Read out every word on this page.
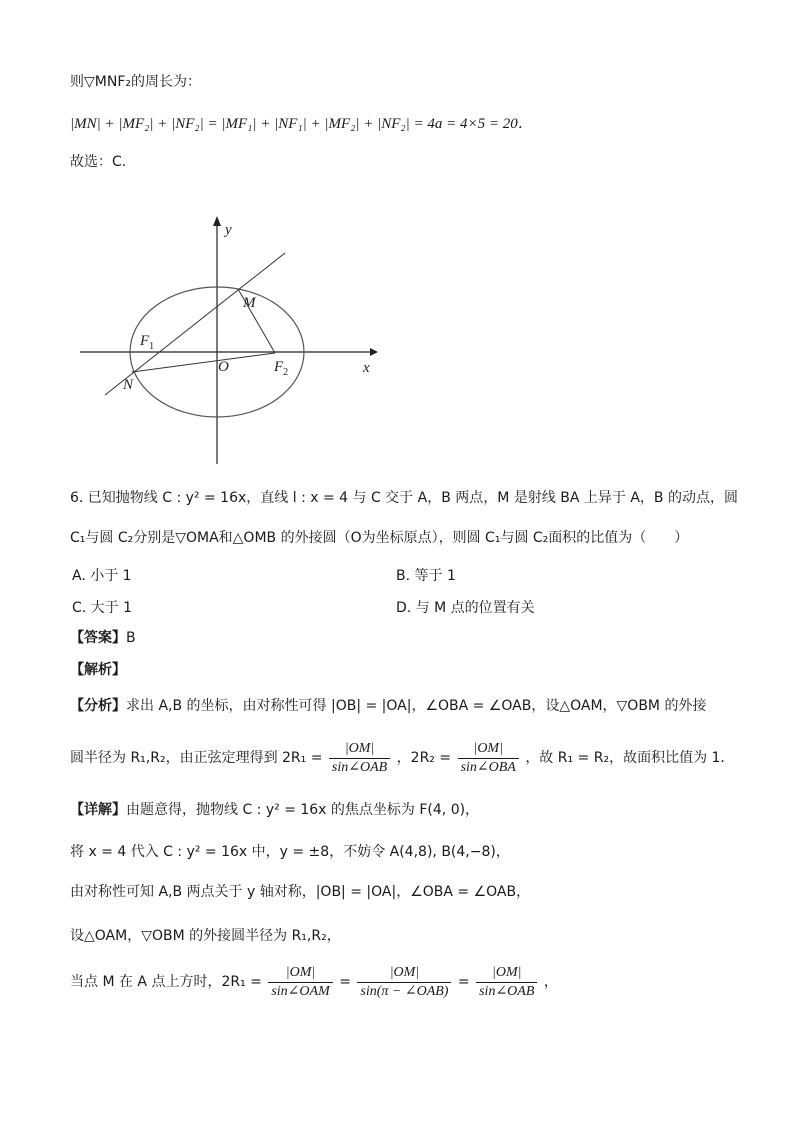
则▽MNF₂的周长为：
|MN| + |MF₂| + |NF₂| = |MF₁| + |NF₁| + |MF₂| + |NF₂| = 4a = 4×5 = 20．
故选：C.
y
x
O
M
N
$F_1$
$F_2$
6. 已知抛物线 C : y² = 16x，直线 l : x = 4 与 C 交于 A，B 两点，M 是射线 BA 上异于 A，B 的动点，圆
C₁与圆 C₂分别是▽OMA和△OMB 的外接圆（O为坐标原点），则圆 C₁与圆 C₂面积的比值为（　　）
A. 小于 1	B. 等于 1
C. 大于 1	D. 与 M 点的位置有关
【答案】B
【解析】
【分析】求出 A,B 的坐标，由对称性可得 |OB| = |OA|，∠OBA = ∠OAB，设△OAM，▽OBM 的外接
圆半径为 R₁,R₂，由正弦定理得到 $2R_1 = \frac{|OM|}{\text{sin∠OAB}}$ ，$2R_2 = \frac{|OM|}{\text{sin∠OBA}}$ ，故 R₁ = R₂，故面积比值为 1.
【详解】由题意得，抛物线 C : y² = 16x 的焦点坐标为 F(4, 0)，
将 x = 4 代入 C : y² = 16x 中，y = ±8，不妨令 A(4,8), B(4,−8)，
由对称性可知 A,B 两点关于 y 轴对称，|OB| = |OA|，∠OBA = ∠OAB，
设△OAM，▽OBM 的外接圆半径为 R₁,R₂，
当点 M 在 A 点上方时，$2R_1 = \frac{|OM|}{\text{sin∠OAM}} = \frac{|OM|}{\text{sin(π − ∠OAB)}} = \frac{|OM|}{\text{sin∠OAB}}$ ，
